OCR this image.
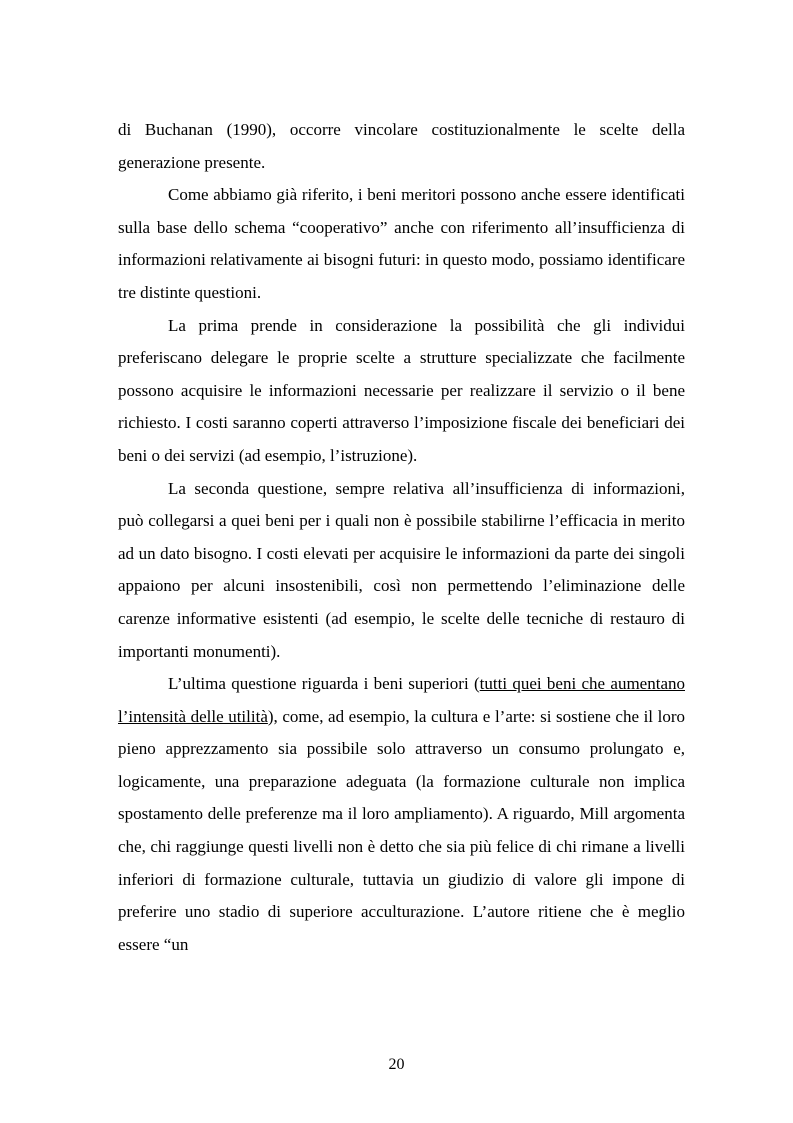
di Buchanan (1990), occorre vincolare costituzionalmente le scelte della generazione presente.

Come abbiamo già riferito, i beni meritori possono anche essere identificati sulla base dello schema “cooperativo” anche con riferimento all’insufficienza di informazioni relativamente ai bisogni futuri: in questo modo, possiamo identificare tre distinte questioni.

La prima prende in considerazione la possibilità che gli individui preferiscano delegare le proprie scelte a strutture specializzate che facilmente possono acquisire le informazioni necessarie per realizzare il servizio o il bene richiesto. I costi saranno coperti attraverso l’imposizione fiscale dei beneficiari dei beni o dei servizi (ad esempio, l’istruzione).

La seconda questione, sempre relativa all’insufficienza di informazioni, può collegarsi a quei beni per i quali non è possibile stabilirne l’efficacia in merito ad un dato bisogno. I costi elevati per acquisire le informazioni da parte dei singoli appaiono per alcuni insostenibili, così non permettendo l’eliminazione delle carenze informative esistenti (ad esempio, le scelte delle tecniche di restauro di importanti monumenti).

L’ultima questione riguarda i beni superiori (tutti quei beni che aumentano l’intensità delle utilità), come, ad esempio, la cultura e l’arte: si sostiene che il loro pieno apprezzamento sia possibile solo attraverso un consumo prolungato e, logicamente, una preparazione adeguata (la formazione culturale non implica spostamento delle preferenze ma il loro ampliamento). A riguardo, Mill argomenta che, chi raggiunge questi livelli non è detto che sia più felice di chi rimane a livelli inferiori di formazione culturale, tuttavia un giudizio di valore gli impone di preferire uno stadio di superiore acculturazione. L’autore ritiene che è meglio essere “un

20
